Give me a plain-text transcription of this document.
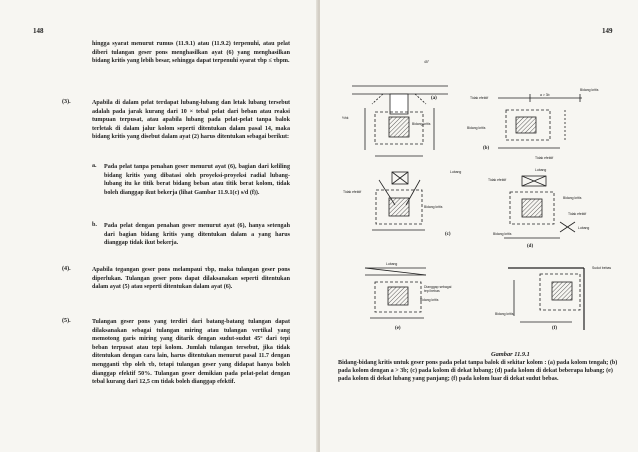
148

hingga syarat menurut rumus (11.9.1) atau (11.9.2) terpenuhi, atau pelat diberi tulangan geser pons menghasilkan ayat (6) yang menghasilkan bidang kritis yang lebih besar, sehingga dapat terpenuhi syarat τbp ≤ τbpm.

(3).	Apabila di dalam pelat terdapat lubang-lubang dan letak lubang tersebut adalah pada jarak kurang dari 10 × tebal pelat dari beban atau reaksi tumpuan terpusat, atau apabila lubang pada pelat-pelat tanpa balok terletak di dalam jalur kolom seperti ditentukan dalam pasal 14, maka bidang kritis yang disebut dalam ayat (2) harus ditentukan sebagai berikut:

a. Pada pelat tanpa penahan geser menurut ayat (6), bagian dari keliling bidang kritis yang dibatasi oleh proyeksi-proyeksi radial lubang-lubang itu ke titik berat bidang beban atau titik berat kolom, tidak boleh dianggap ikut bekerja (lihat Gambar 11.9.1(c) s/d (f)).

b. Pada pelat dengan penahan geser menurut ayat (6), hanya setengah dari bagian bidang kritis yang ditentukan dalam a yang harus dianggap tidak ikut bekerja.

(4).	Apabila tegangan geser pons melampaui τbp, maka tulangan geser pons diperlukan. Tulangan geser pons dapat dilaksanakan seperti ditentukan dalam ayat (5) atau seperti ditentukan dalam ayat (6).

(5).	Tulangan geser pons yang terdiri dari batang-batang tulangan dapat dilaksanakan sebagai tulangan miring atau tulangan vertikal yang memotong garis miring yang ditarik dengan sudut-sudut 45° dari tepi beban terpusat atau tepi kolom. Jumlah tulangan tersebut, jika tidak ditentukan dengan cara lain, harus ditentukan menurut pasal 11.7 dengan mengganti τbp oleh τb, tetapi tulangan geser yang didapat hanya boleh dianggap efektif 50%. Tulangan geser demikian pada pelat-pelat dengan tebal kurang dari 12,5 cm tidak boleh dianggap efektif.

149
(a)
Bidang kritis
45°
½hk
Tidak efektif
a > 3b
Bidang kritis
Bidang kritis
(b)
Tidak efektif
Lubang
Tidak efektif
Bidang kritis
(c)
Lubang
Tidak efektif
Bidang kritis
Tidak efektif
Lubang
Bidang kritis
(d)
Lubang
Dianggap sebagai tepi bebas
Bidang kritis
(e)
Sudut bebas
Bidang kritis
(f)
Gambar 11.9.1

Bidang-bidang kritis untuk geser pons pada pelat tanpa balok di sekitar kolom : (a) pada kolom tengah; (b) pada kolom dengan a > 3b; (c) pada kolom di dekat lubang; (d) pada kolom di dekat beberapa lubang; (e) pada kolom di dekat lubang yang panjang; (f) pada kolom luar di dekat sudut bebas.
